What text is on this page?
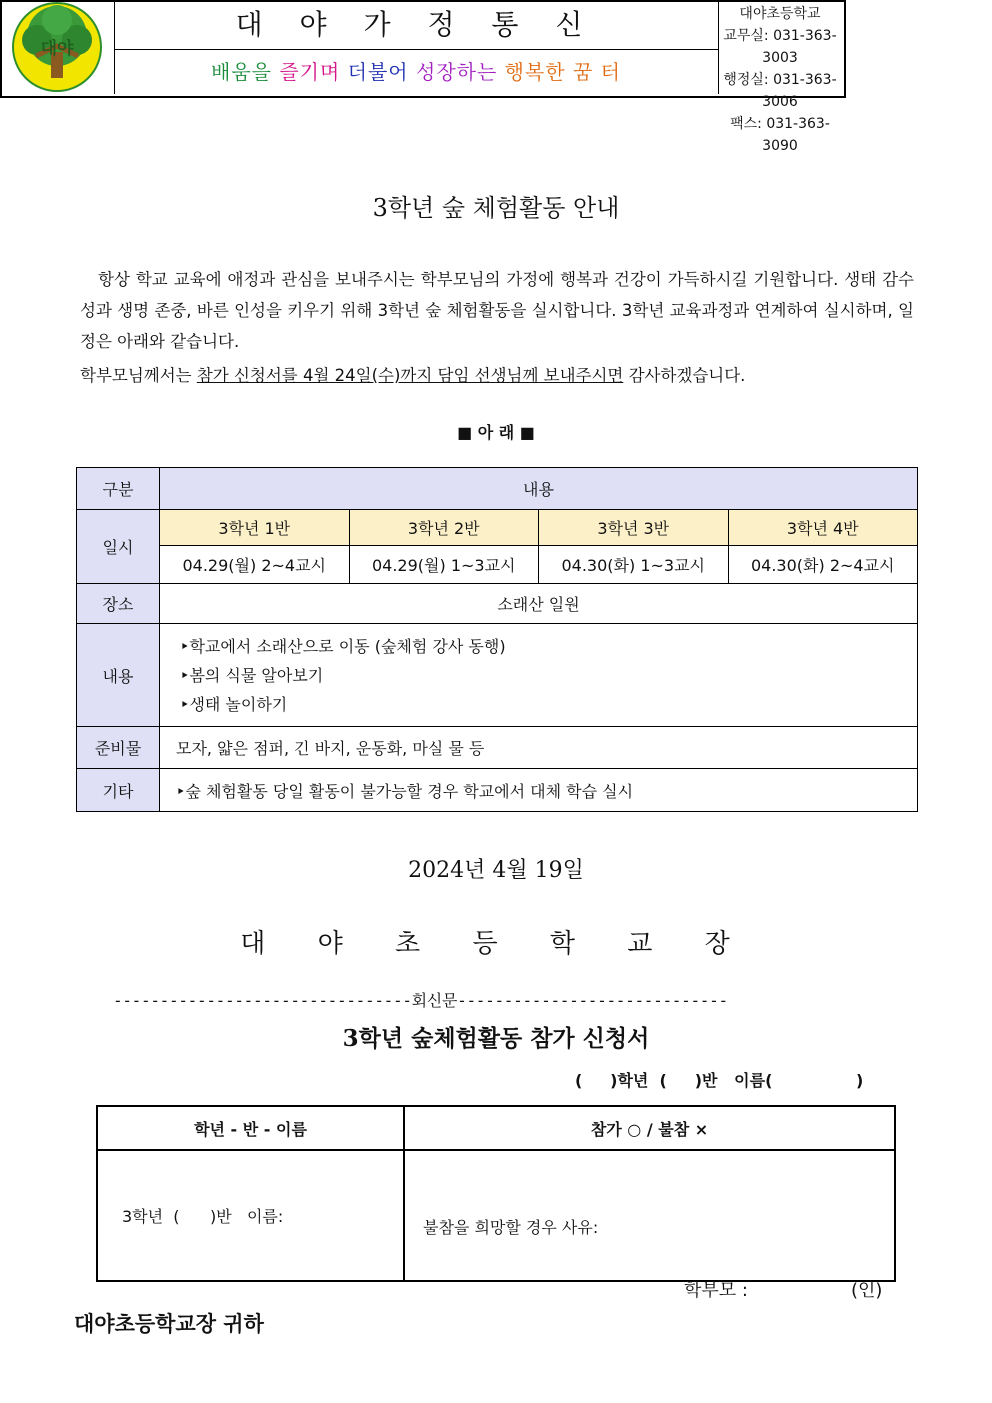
대야
대 야 가 정 통 신
배움을 즐기며 더불어 성장하는 행복한 꿈 터
대야초등학교
교무실: 031-363-3003
행정실: 031-363-3006
팩스: 031-363-3090
3학년 숲 체험활동 안내
항상 학교 교육에 애정과 관심을 보내주시는 학부모님의 가정에 행복과 건강이 가득하시길 기원합니다. 생태 감수성과 생명 존중, 바른 인성을 키우기 위해 3학년 숲 체험활동을 실시합니다. 3학년 교육과정과 연계하여 실시하며, 일정은 아래와 같습니다.
학부모님께서는 참가 신청서를 4월 24일(수)까지 담임 선생님께 보내주시면 감사하겠습니다.
■ 아 래 ■
구분	내용			
일시	3학년 1반	3학년 2반	3학년 3반	3학년 4반
	04.29(월) 2~4교시	04.29(월) 1~3교시	04.30(화) 1~3교시	04.30(화) 2~4교시
장소	소래산 일원			
내용	‣학교에서 소래산으로 이동 (숲체험 강사 동행)
‣봄의 식물 알아보기
‣생태 놀이하기			

준비물	모자, 얇은 점퍼, 긴 바지, 운동화, 마실 물 등			
기타	‣숲 체험활동 당일 활동이 불가능할 경우 학교에서 대체 학습 실시			
2024년 4월 19일
대 야 초 등 학 교 장
--------------------------------회신문-----------------------------
3학년 숲체험활동 참가 신청서
(     )학년  (     )반   이름(               )
학년 - 반 - 이름	참가 ○ / 불참 ×
3학년  (      )반   이름:	불참을 희망할 경우 사유:
학부모 :                  (인)
대야초등학교장 귀하
